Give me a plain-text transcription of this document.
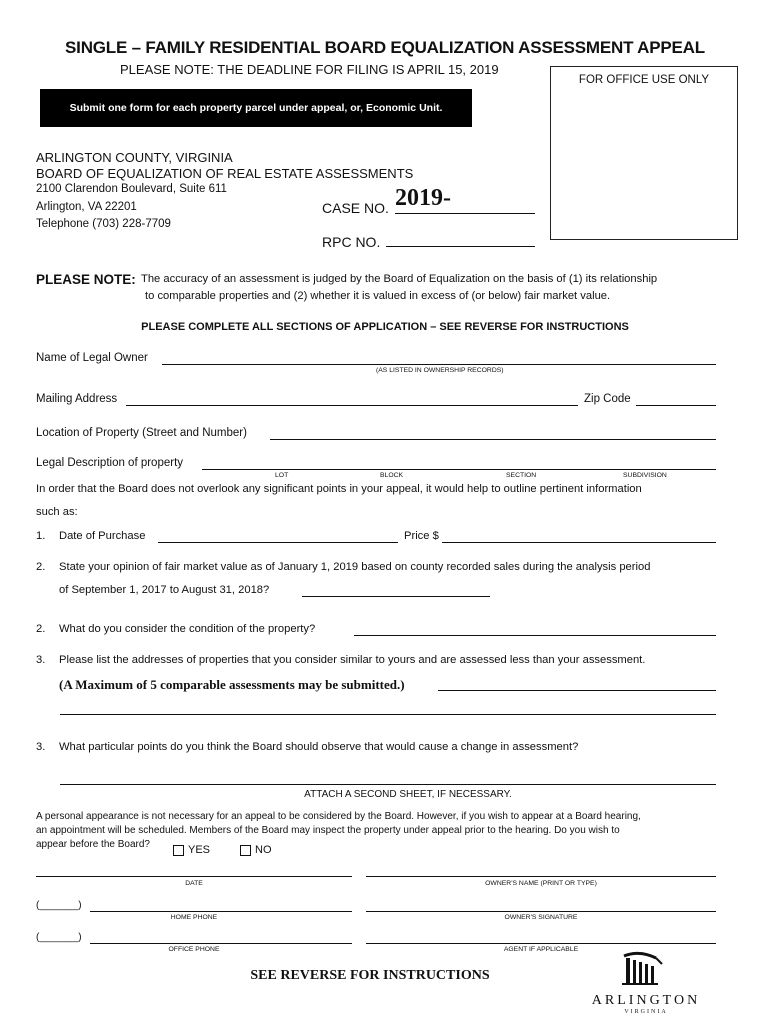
SINGLE – FAMILY RESIDENTIAL BOARD EQUALIZATION ASSESSMENT APPEAL
PLEASE NOTE: THE DEADLINE FOR FILING IS APRIL 15, 2019
FOR OFFICE USE ONLY
Submit one form for each property parcel under appeal, or, Economic Unit.
ARLINGTON COUNTY, VIRGINIA
BOARD OF EQUALIZATION OF REAL ESTATE ASSESSMENTS
2100 Clarendon Boulevard, Suite 611
Arlington, VA 22201
Telephone (703) 228-7709
CASE NO. 2019-
RPC NO.
PLEASE NOTE: The accuracy of an assessment is judged by the Board of Equalization on the basis of (1) its relationship
to comparable properties and (2) whether it is valued in excess of (or below) fair market value.
PLEASE COMPLETE ALL SECTIONS OF APPLICATION – SEE REVERSE FOR INSTRUCTIONS
Name of Legal Owner
(AS LISTED IN OWNERSHIP RECORDS)
Mailing Address	Zip Code
Location of Property (Street and Number)
Legal Description of property
LOT	BLOCK	SECTION	SUBDIVISION
In order that the Board does not overlook any significant points in your appeal, it would help to outline pertinent information
such as:
1. Date of Purchase	Price $
2. State your opinion of fair market value as of January 1, 2019 based on county recorded sales during the analysis period
of September 1, 2017 to August 31, 2018?
2. What do you consider the condition of the property?
3. Please list the addresses of properties that you consider similar to yours and are assessed less than your assessment.
(A Maximum of 5 comparable assessments may be submitted.)
3. What particular points do you think the Board should observe that would cause a change in assessment?
ATTACH A SECOND SHEET, IF NECESSARY.
A personal appearance is not necessary for an appeal to be considered by the Board. However, if you wish to appear at a Board hearing,
an appointment will be scheduled. Members of the Board may inspect the property under appeal prior to the hearing. Do you wish to
appear before the Board?	YES	NO
DATE	OWNER'S NAME (PRINT OR TYPE)
(_______)
HOME PHONE	OWNER'S SIGNATURE
(_______)
OFFICE PHONE	AGENT IF APPLICABLE
SEE REVERSE FOR INSTRUCTIONS
ARLINGTON
VIRGINIA
